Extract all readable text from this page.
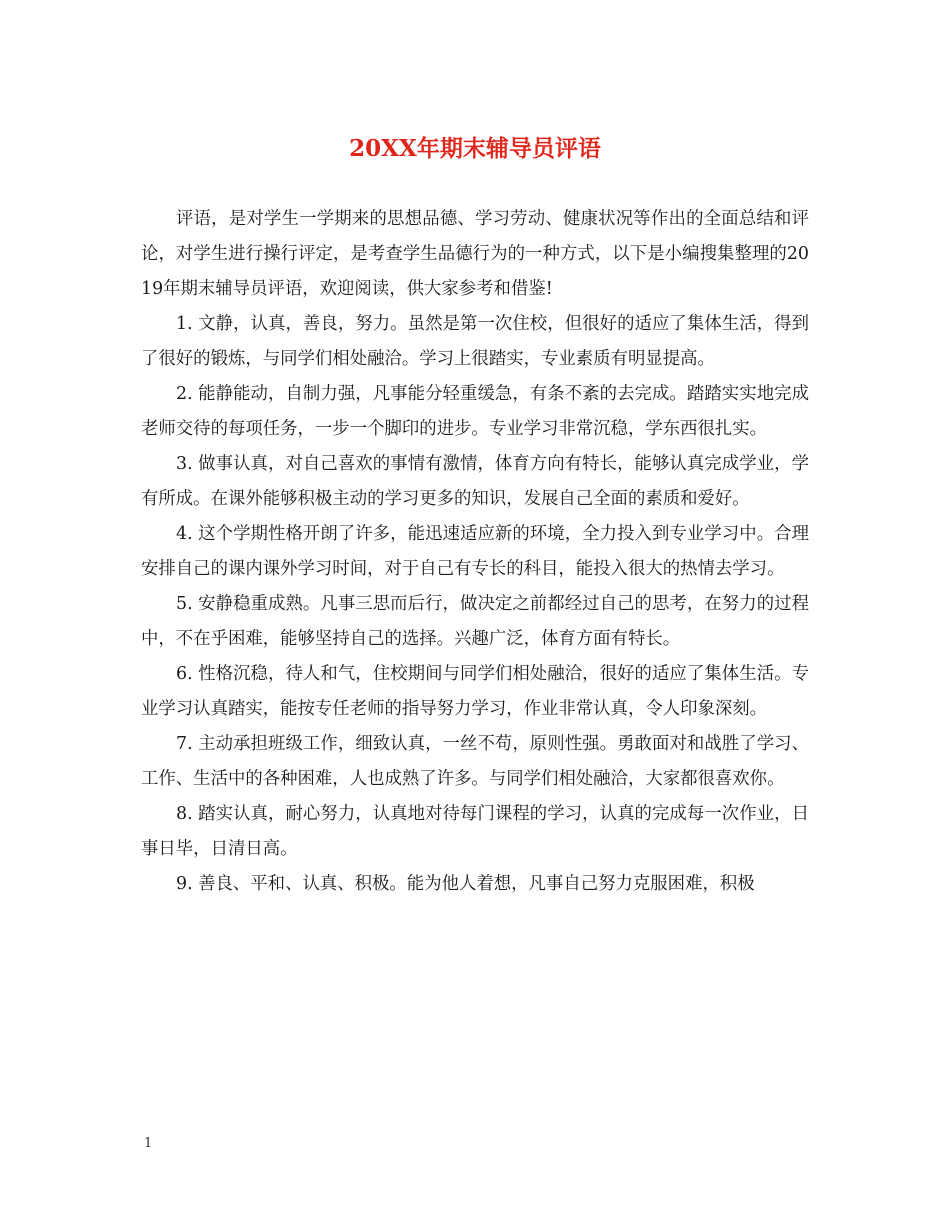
20XX年期末辅导员评语

评语，是对学生一学期来的思想品德、学习劳动、健康状况等作出的全面总结和评论，对学生进行操行评定，是考查学生品德行为的一种方式，以下是小编搜集整理的2019年期末辅导员评语，欢迎阅读，供大家参考和借鉴!

1. 文静，认真，善良，努力。虽然是第一次住校，但很好的适应了集体生活，得到了很好的锻炼，与同学们相处融洽。学习上很踏实，专业素质有明显提高。

2. 能静能动，自制力强，凡事能分轻重缓急，有条不紊的去完成。踏踏实实地完成老师交待的每项任务，一步一个脚印的进步。专业学习非常沉稳，学东西很扎实。

3. 做事认真，对自己喜欢的事情有激情，体育方向有特长，能够认真完成学业，学有所成。在课外能够积极主动的学习更多的知识，发展自己全面的素质和爱好。

4. 这个学期性格开朗了许多，能迅速适应新的环境，全力投入到专业学习中。合理安排自己的课内课外学习时间，对于自己有专长的科目，能投入很大的热情去学习。

5. 安静稳重成熟。凡事三思而后行，做决定之前都经过自己的思考，在努力的过程中，不在乎困难，能够坚持自己的选择。兴趣广泛，体育方面有特长。

6. 性格沉稳，待人和气，住校期间与同学们相处融洽，很好的适应了集体生活。专业学习认真踏实，能按专任老师的指导努力学习，作业非常认真，令人印象深刻。

7. 主动承担班级工作，细致认真，一丝不苟，原则性强。勇敢面对和战胜了学习、工作、生活中的各种困难，人也成熟了许多。与同学们相处融洽，大家都很喜欢你。

8. 踏实认真，耐心努力，认真地对待每门课程的学习，认真的完成每一次作业，日事日毕，日清日高。

9. 善良、平和、认真、积极。能为他人着想，凡事自己努力克服困难，积极

1
